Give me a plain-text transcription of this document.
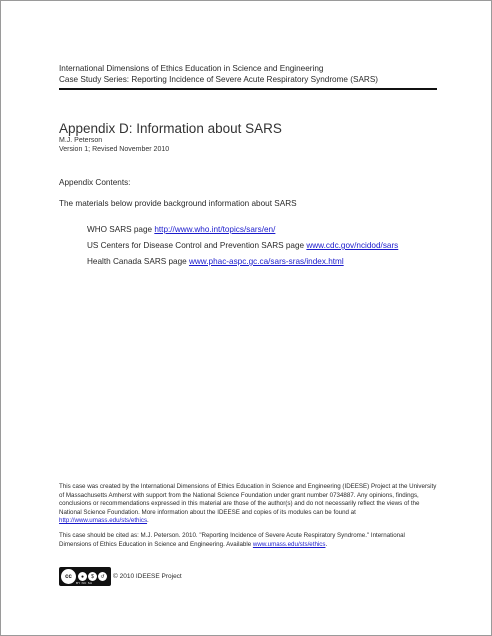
International Dimensions of Ethics Education in Science and Engineering
Case Study Series: Reporting Incidence of Severe Acute Respiratory Syndrome (SARS)
Appendix D: Information about SARS
M.J. Peterson
Version 1; Revised November 2010
Appendix Contents:
The materials below provide background information about SARS
WHO SARS page http://www.who.int/topics/sars/en/
US Centers for Disease Control and Prevention SARS page www.cdc.gov/ncidod/sars
Health Canada SARS page www.phac-aspc.gc.ca/sars-sras/index.html

This case was created by the International Dimensions of Ethics Education in Science and Engineering (IDEESE) Project at the University of Massachusetts Amherst with support from the National Science Foundation under grant number 0734887. Any opinions, findings, conclusions or recommendations expressed in this material are those of the author(s) and do not necessarily reflect the views of the National Science Foundation. More information about the IDEESE and copies of its modules can be found at http://www.umass.edu/sts/ethics.

This case should be cited as: M.J. Peterson. 2010. "Reporting Incidence of Severe Acute Respiratory Syndrome." International Dimensions of Ethics Education in Science and Engineering. Available www.umass.edu/sts/ethics.

cc	●	$	↺
BY NC SA
© 2010 IDEESE Project
